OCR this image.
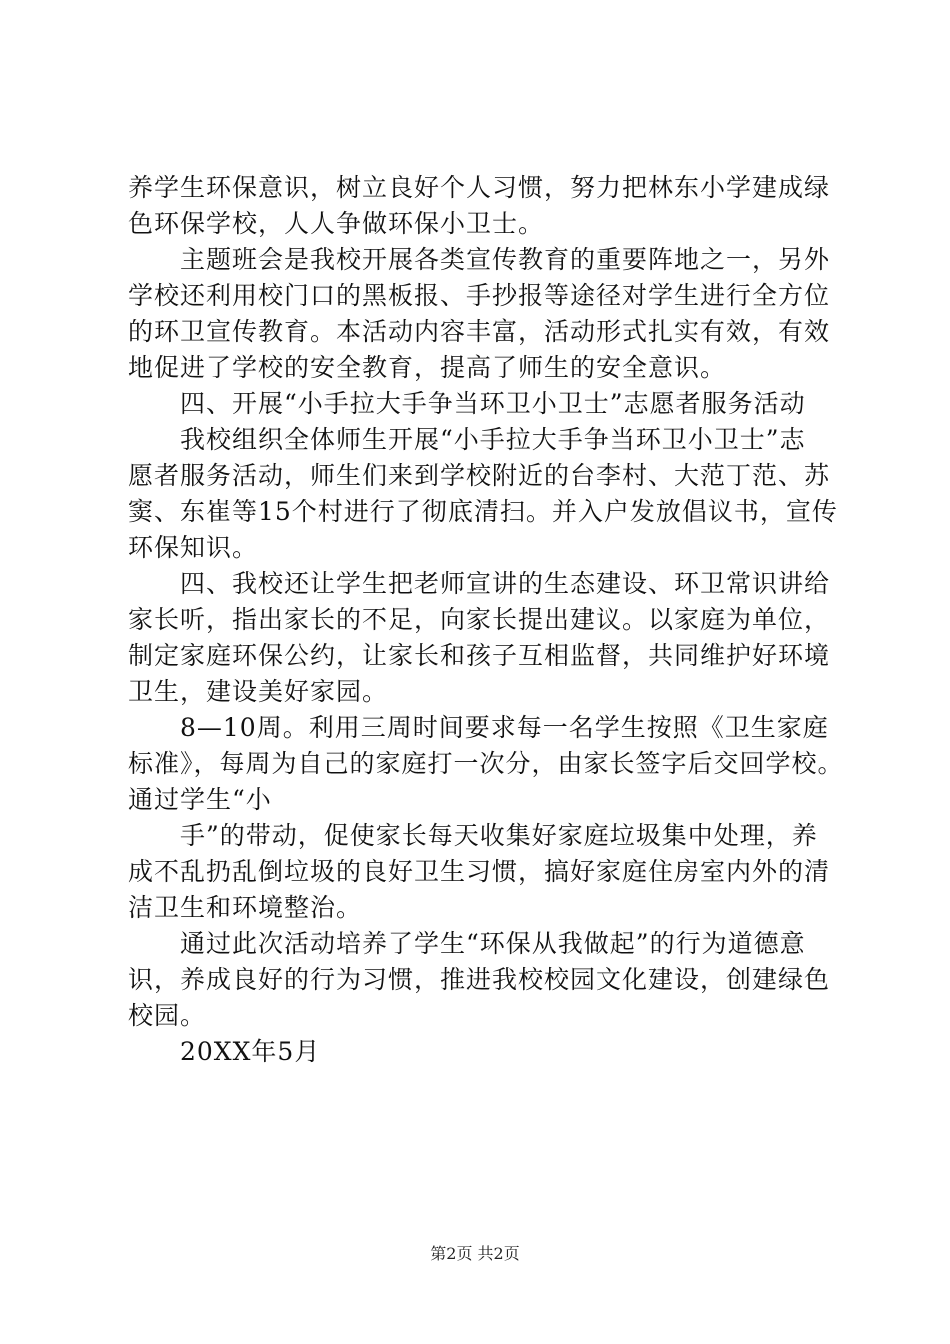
养学生环保意识，树立良好个人习惯，努力把林东小学建成绿
色环保学校，人人争做环保小卫士。
主题班会是我校开展各类宣传教育的重要阵地之一，另外
学校还利用校门口的黑板报、手抄报等途径对学生进行全方位
的环卫宣传教育。本活动内容丰富，活动形式扎实有效，有效
地促进了学校的安全教育，提高了师生的安全意识。
四、开展“小手拉大手争当环卫小卫士”志愿者服务活动
我校组织全体师生开展“小手拉大手争当环卫小卫士”志
愿者服务活动，师生们来到学校附近的台李村、大范丁范、苏
窦、东崔等15个村进行了彻底清扫。并入户发放倡议书，宣传
环保知识。
四、我校还让学生把老师宣讲的生态建设、环卫常识讲给
家长听，指出家长的不足，向家长提出建议。以家庭为单位，
制定家庭环保公约，让家长和孩子互相监督，共同维护好环境
卫生，建设美好家园。
8—10周。利用三周时间要求每一名学生按照《卫生家庭
标准》，每周为自己的家庭打一次分，由家长签字后交回学校。
通过学生“小
手”的带动，促使家长每天收集好家庭垃圾集中处理，养
成不乱扔乱倒垃圾的良好卫生习惯，搞好家庭住房室内外的清
洁卫生和环境整治。
通过此次活动培养了学生“环保从我做起”的行为道德意
识，养成良好的行为习惯，推进我校校园文化建设，创建绿色
校园。
20XX年5月
第2页 共2页
